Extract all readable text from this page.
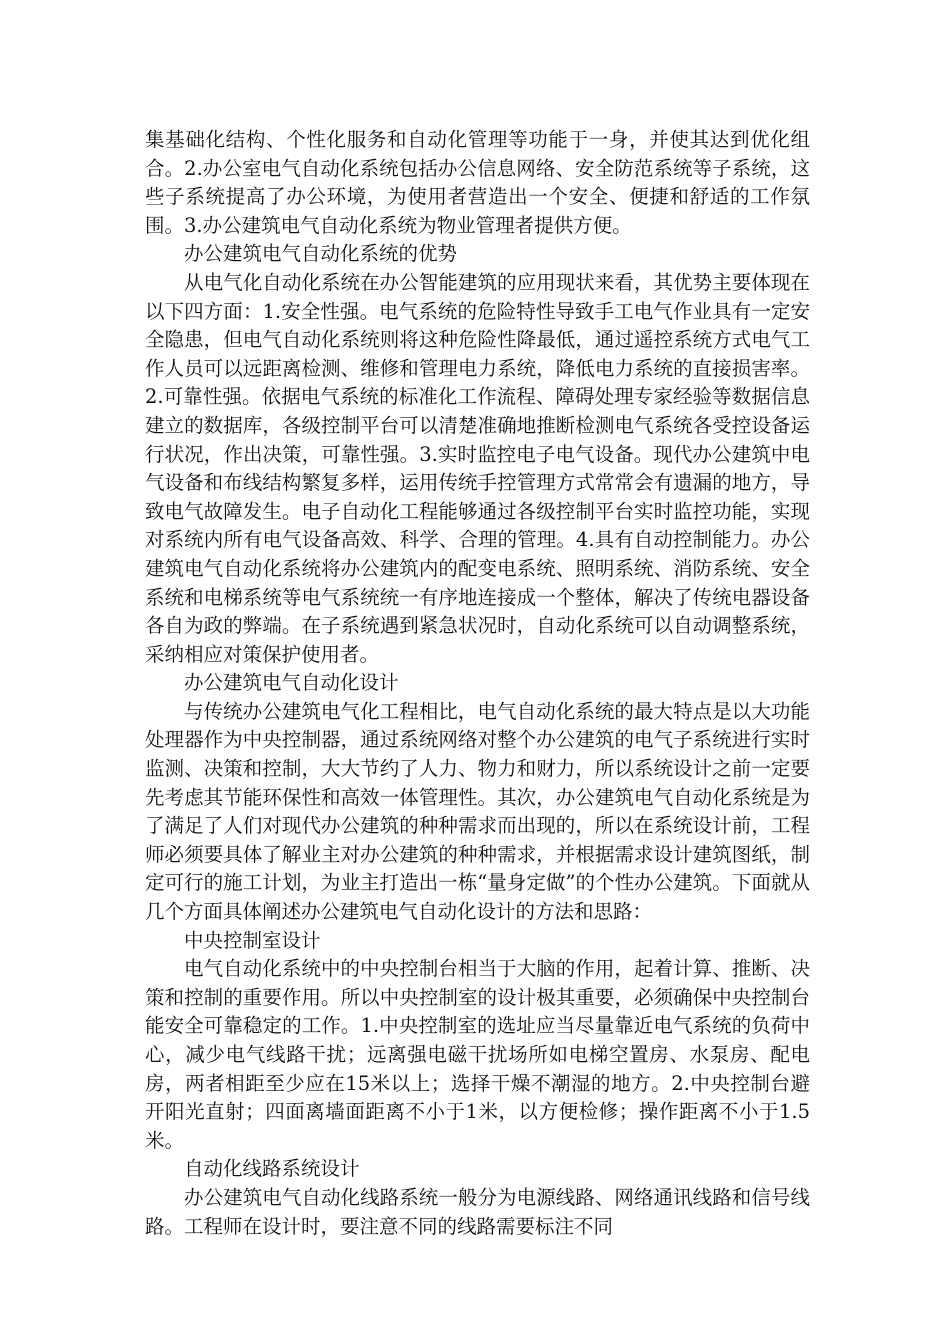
集基础化结构、个性化服务和自动化管理等功能于一身，并使其达到优化组合。2.办公室电气自动化系统包括办公信息网络、安全防范系统等子系统，这些子系统提高了办公环境，为使用者营造出一个安全、便捷和舒适的工作氛围。3.办公建筑电气自动化系统为物业管理者提供方便。

办公建筑电气自动化系统的优势

从电气化自动化系统在办公智能建筑的应用现状来看，其优势主要体现在以下四方面：1.安全性强。电气系统的危险特性导致手工电气作业具有一定安全隐患，但电气自动化系统则将这种危险性降最低，通过遥控系统方式电气工作人员可以远距离检测、维修和管理电力系统，降低电力系统的直接损害率。2.可靠性强。依据电气系统的标准化工作流程、障碍处理专家经验等数据信息建立的数据库，各级控制平台可以清楚准确地推断检测电气系统各受控设备运行状况，作出决策，可靠性强。3.实时监控电子电气设备。现代办公建筑中电气设备和布线结构繁复多样，运用传统手控管理方式常常会有遗漏的地方，导致电气故障发生。电子自动化工程能够通过各级控制平台实时监控功能，实现对系统内所有电气设备高效、科学、合理的管理。4.具有自动控制能力。办公建筑电气自动化系统将办公建筑内的配变电系统、照明系统、消防系统、安全系统和电梯系统等电气系统统一有序地连接成一个整体，解决了传统电器设备各自为政的弊端。在子系统遇到紧急状况时，自动化系统可以自动调整系统，采纳相应对策保护使用者。

办公建筑电气自动化设计

与传统办公建筑电气化工程相比，电气自动化系统的最大特点是以大功能处理器作为中央控制器，通过系统网络对整个办公建筑的电气子系统进行实时监测、决策和控制，大大节约了人力、物力和财力，所以系统设计之前一定要先考虑其节能环保性和高效一体管理性。其次，办公建筑电气自动化系统是为了满足了人们对现代办公建筑的种种需求而出现的，所以在系统设计前，工程师必须要具体了解业主对办公建筑的种种需求，并根据需求设计建筑图纸，制定可行的施工计划，为业主打造出一栋“量身定做”的个性办公建筑。下面就从几个方面具体阐述办公建筑电气自动化设计的方法和思路：

中央控制室设计

电气自动化系统中的中央控制台相当于大脑的作用，起着计算、推断、决策和控制的重要作用。所以中央控制室的设计极其重要，必须确保中央控制台能安全可靠稳定的工作。1.中央控制室的选址应当尽量靠近电气系统的负荷中心，减少电气线路干扰；远离强电磁干扰场所如电梯空置房、水泵房、配电房，两者相距至少应在15米以上；选择干燥不潮湿的地方。2.中央控制台避开阳光直射；四面离墙面距离不小于1米，以方便检修；操作距离不小于1.5米。

自动化线路系统设计

办公建筑电气自动化线路系统一般分为电源线路、网络通讯线路和信号线路。工程师在设计时，要注意不同的线路需要标注不同
